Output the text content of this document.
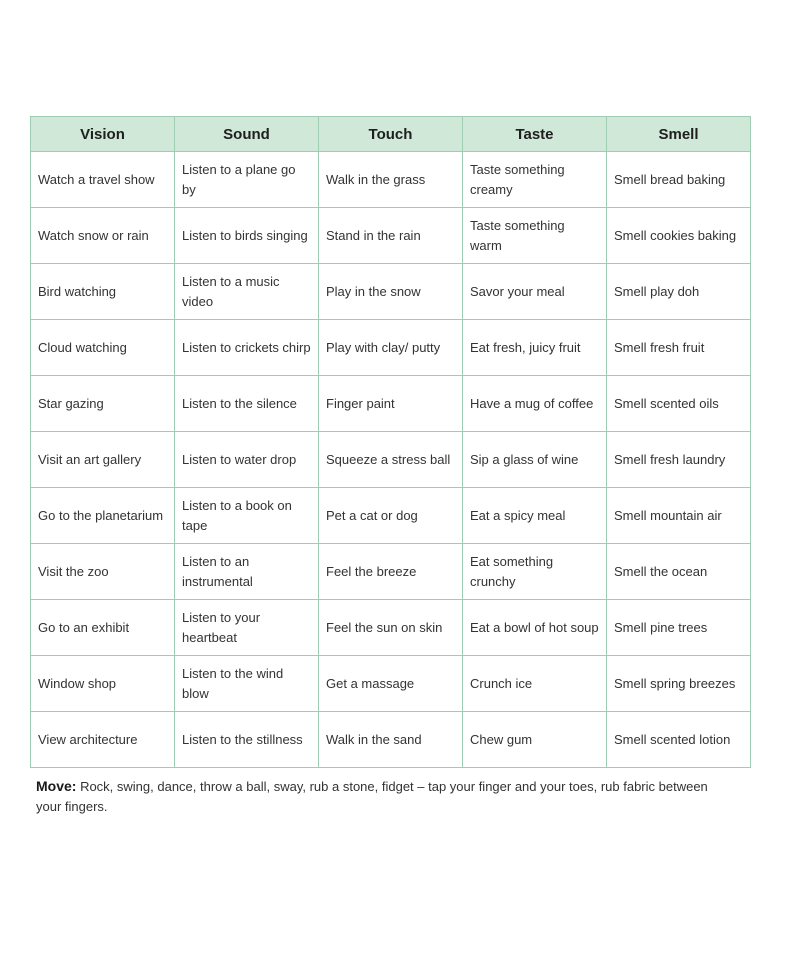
Vision	Sound	Touch	Taste	Smell
Watch a travel show	Listen to a plane go by	Walk in the grass	Taste something creamy	Smell bread baking
Watch snow or rain	Listen to birds singing	Stand in the rain	Taste something warm	Smell cookies baking
Bird watching	Listen to a music video	Play in the snow	Savor your meal	Smell play doh
Cloud watching	Listen to crickets chirp	Play with clay/ putty	Eat fresh, juicy fruit	Smell fresh fruit
Star gazing	Listen to the silence	Finger paint	Have a mug of coffee	Smell scented oils
Visit an art gallery	Listen to water drop	Squeeze a stress ball	Sip a glass of wine	Smell fresh laundry
Go to the planetarium	Listen to a book on tape	Pet a cat or dog	Eat a spicy meal	Smell mountain air
Visit the zoo	Listen to an instrumental	Feel the breeze	Eat something crunchy	Smell the ocean
Go to an exhibit	Listen to your heartbeat	Feel the sun on skin	Eat a bowl of hot soup	Smell pine trees
Window shop	Listen to the wind blow	Get a massage	Crunch ice	Smell spring breezes
View architecture	Listen to the stillness	Walk in the sand	Chew gum	Smell scented lotion

Move: Rock, swing, dance, throw a ball, sway, rub a stone, fidget – tap your finger and your toes, rub fabric between your fingers.
